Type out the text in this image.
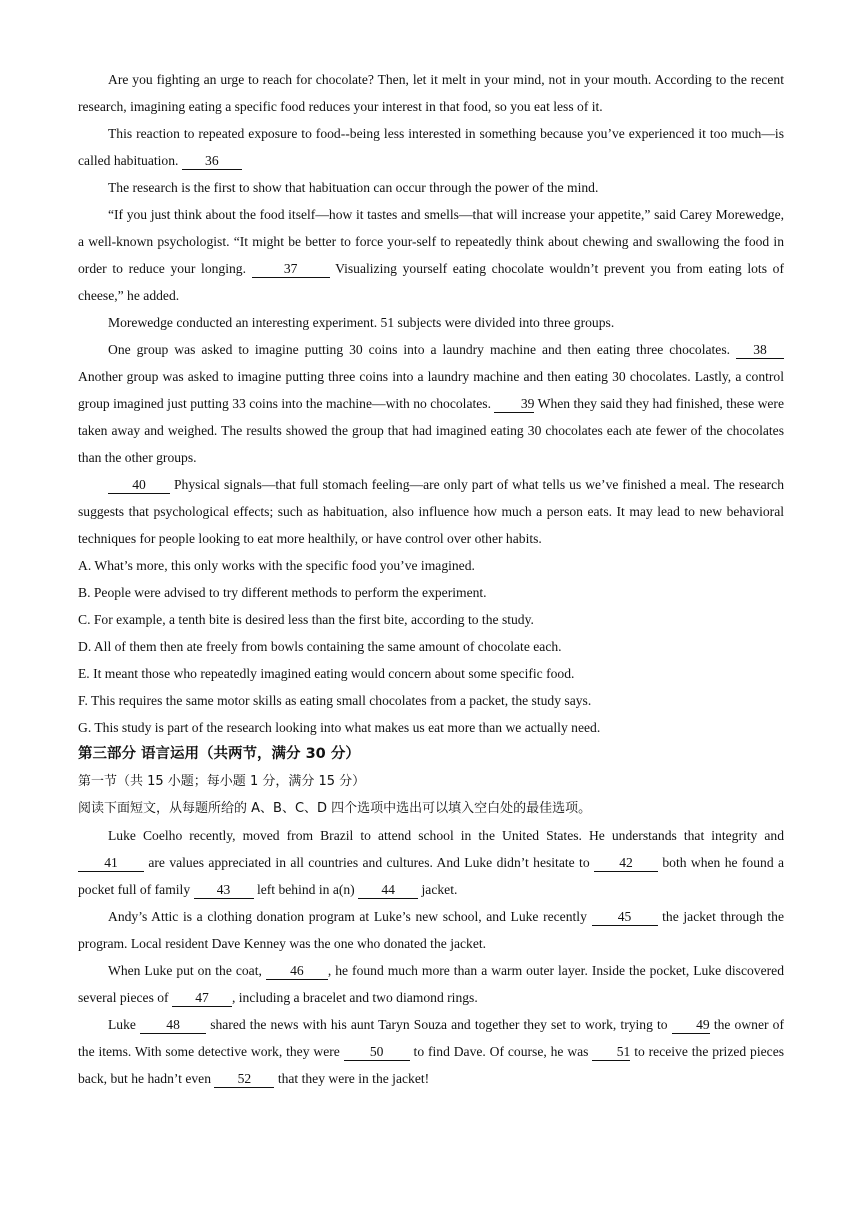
Are you fighting an urge to reach for chocolate? Then, let it melt in your mind, not in your mouth. According to the recent research, imagining eating a specific food reduces your interest in that food, so you eat less of it.

This reaction to repeated exposure to food--being less interested in something because you’ve experienced it too much—is called habituation. 36

The research is the first to show that habituation can occur through the power of the mind.

“If you just think about the food itself—how it tastes and smells—that will increase your appetite,” said Carey Morewedge, a well-known psychologist. “It might be better to force your-self to repeatedly think about chewing and swallowing the food in order to reduce your longing.	37	Visualizing yourself eating chocolate wouldn’t prevent you from eating lots of cheese,” he added.

Morewedge conducted an interesting experiment. 51 subjects were divided into three groups.

One group was asked to imagine putting 30 coins into a laundry machine and then eating three chocolates. 38 Another group was asked to imagine putting three coins into a laundry machine and then eating 30 chocolates. Lastly, a control group imagined just putting 33 coins into the machine—with no chocolates. 39 When they said they had finished, these were taken away and weighed. The results showed the group that had imagined eating 30 chocolates each ate fewer of the chocolates than the other groups.

40 Physical signals—that full stomach feeling—are only part of what tells us we’ve finished a meal. The research suggests that psychological effects; such as habituation, also influence how much a person eats. It may lead to new behavioral techniques for people looking to eat more healthily, or have control over other habits.

A. What’s more, this only works with the specific food you’ve imagined.

B. People were advised to try different methods to perform the experiment.

C. For example, a tenth bite is desired less than the first bite, according to the study.

D. All of them then ate freely from bowls containing the same amount of chocolate each.

E. It meant those who repeatedly imagined eating would concern about some specific food.

F. This requires the same motor skills as eating small chocolates from a packet, the study says.

G. This study is part of the research looking into what makes us eat more than we actually need.

第三部分 语言运用（共两节，满分 30 分）

第一节（共 15 小题；每小题 1 分，满分 15 分）

阅读下面短文，从每题所给的 A、B、C、D 四个选项中选出可以填入空白处的最佳选项。

Luke Coelho recently, moved from Brazil to attend school in the United States. He understands that integrity and 41 are values appreciated in all countries and cultures. And Luke didn’t hesitate to 42 both when he found a pocket full of family 43 left behind in a(n) 44 jacket.

Andy’s Attic is a clothing donation program at Luke’s new school, and Luke recently 45 the jacket through the program. Local resident Dave Kenney was the one who donated the jacket.

When Luke put on the coat, 46 , he found much more than a warm outer layer. Inside the pocket, Luke discovered several pieces of 47 , including a bracelet and two diamond rings.

Luke 48 shared the news with his aunt Taryn Souza and together they set to work, trying to 49 the owner of the items. With some detective work, they were 50 to find Dave. Of course, he was 51 to receive the prized pieces back, but he hadn’t even 52 that they were in the jacket!
